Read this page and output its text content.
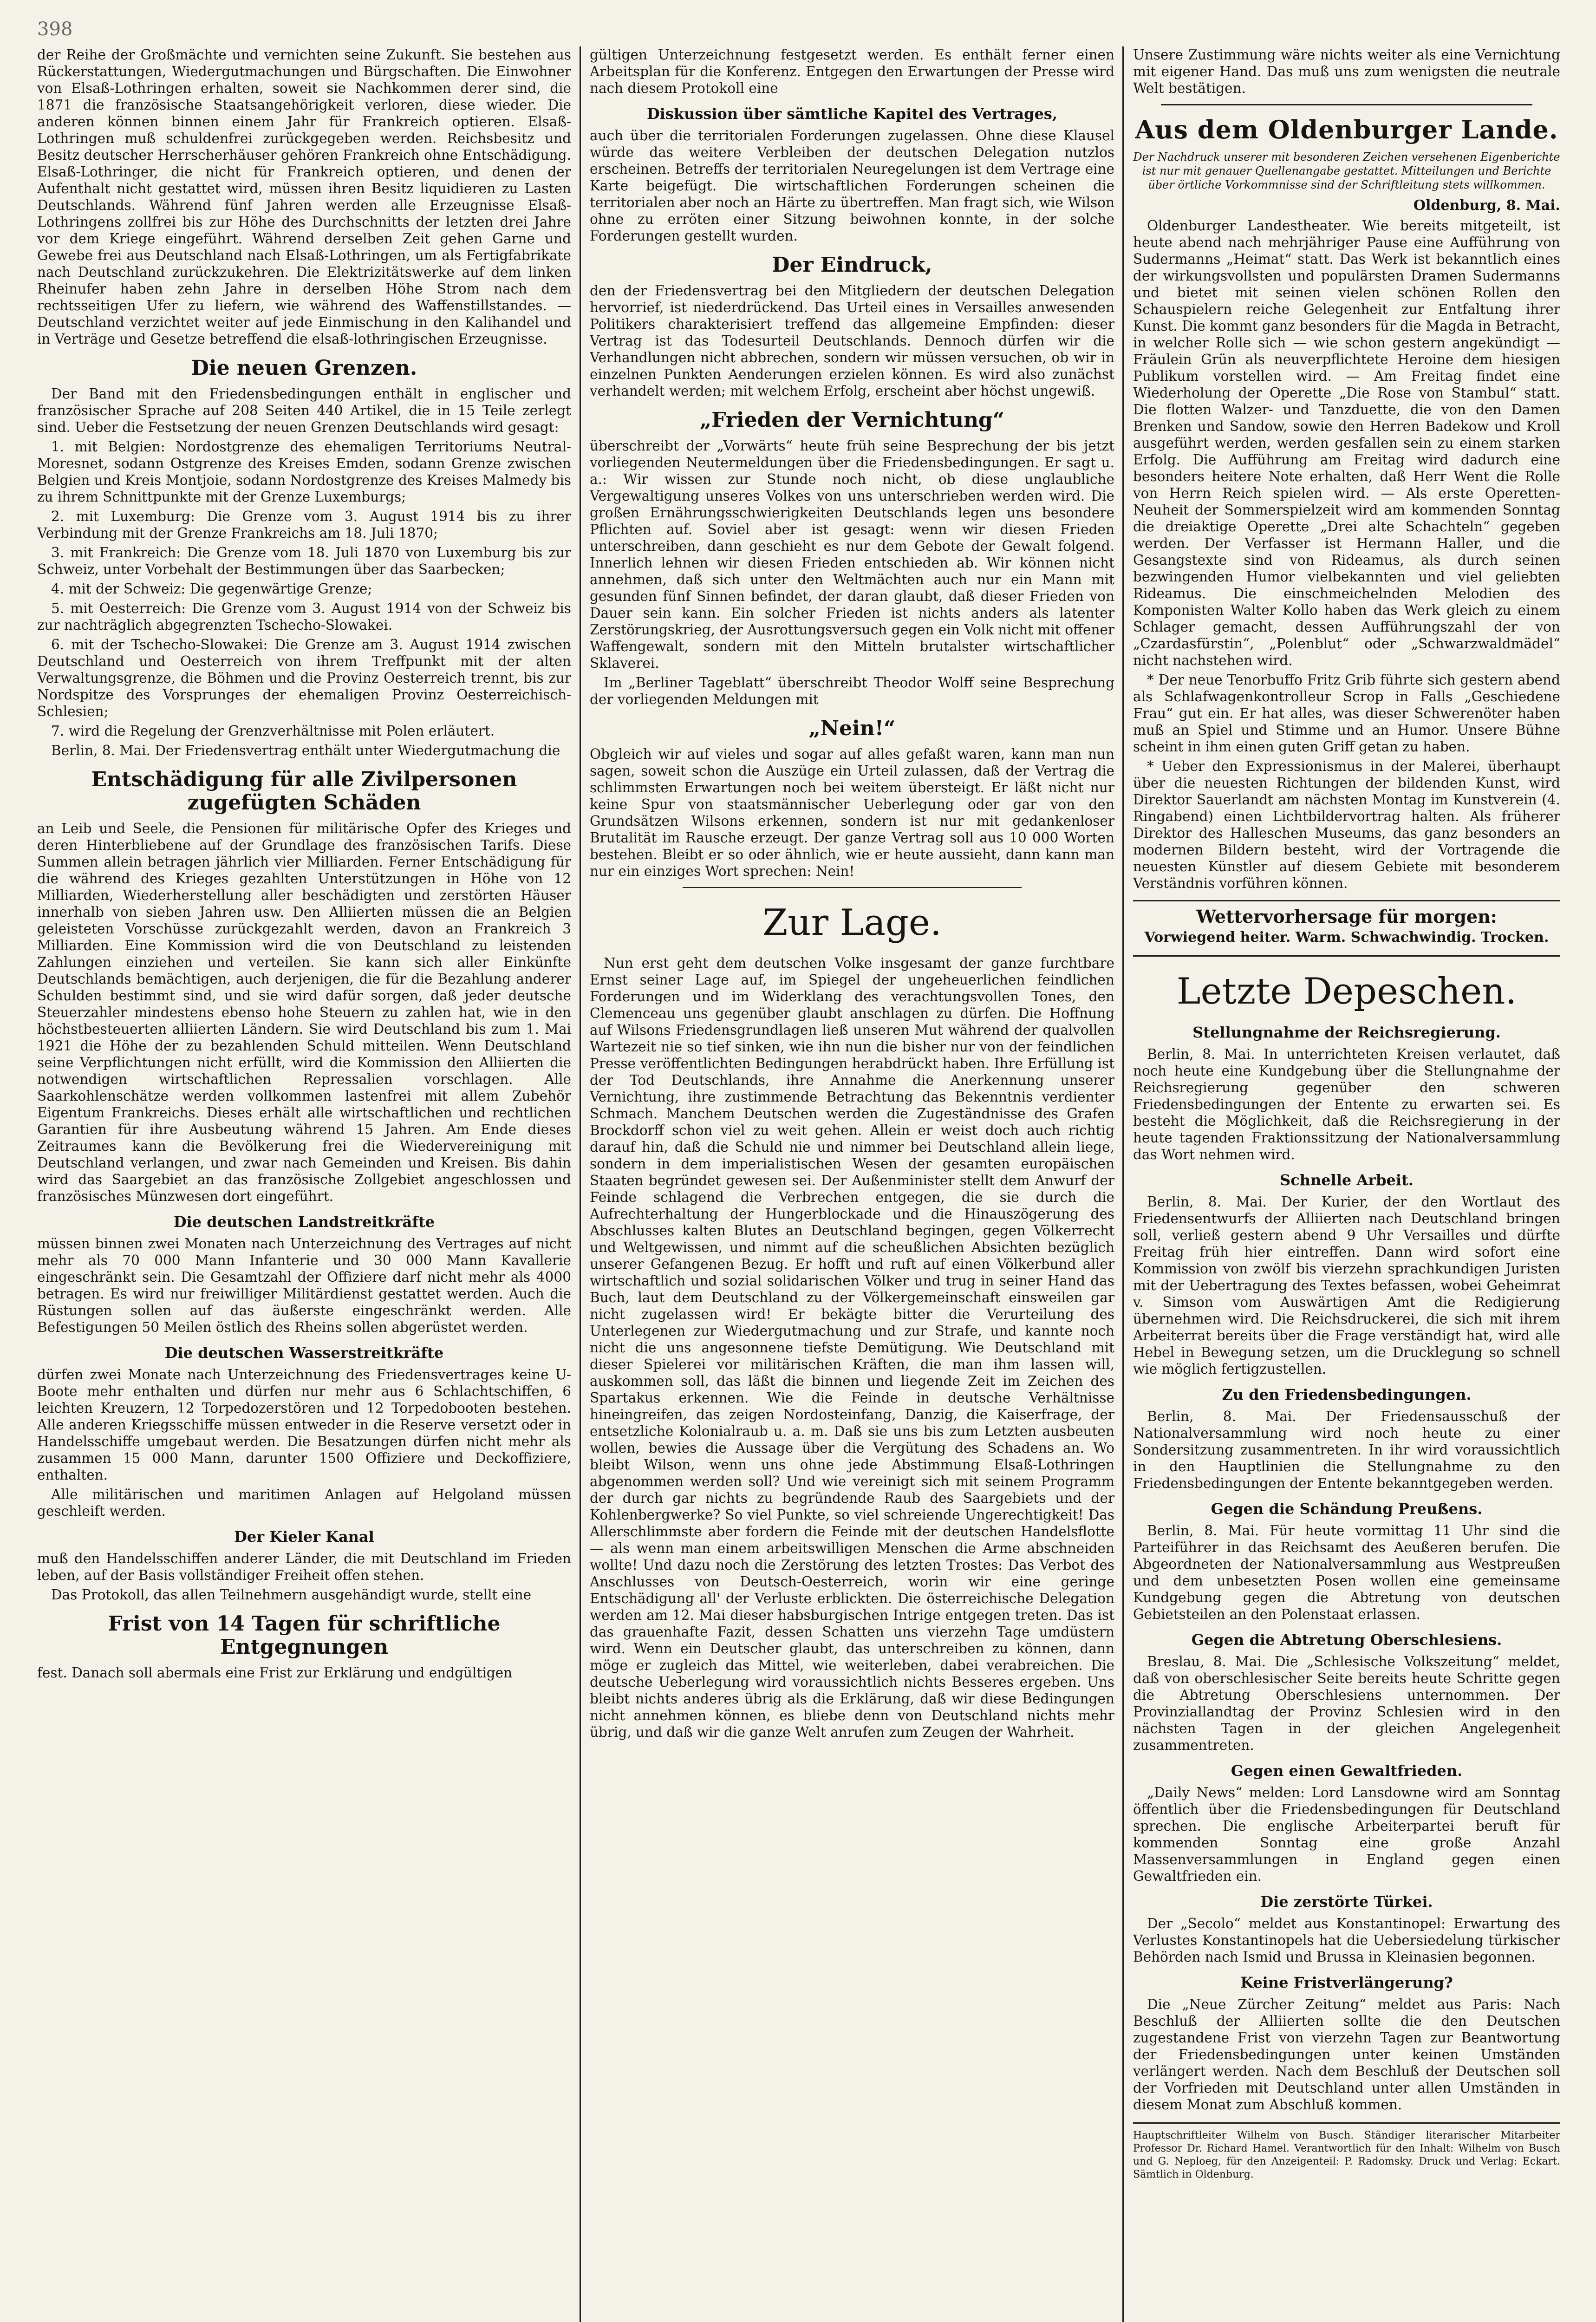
398

der Reihe der Großmächte und vernichten seine Zukunft. Sie bestehen aus Rückerstattungen, Wiedergutmachungen und Bürgschaften. Die Einwohner von Elsaß-Lothringen erhalten, soweit sie Nachkommen derer sind, die 1871 die französische Staatsangehörigkeit verloren, diese wieder. Die anderen können binnen einem Jahr für Frankreich optieren. Elsaß-Lothringen muß schuldenfrei zurückgegeben werden. Reichsbesitz und Besitz deutscher Herrscherhäuser gehören Frankreich ohne Entschädigung. Elsaß-Lothringer, die nicht für Frankreich optieren, und denen der Aufenthalt nicht gestattet wird, müssen ihren Besitz liquidieren zu Lasten Deutschlands. Während fünf Jahren werden alle Erzeugnisse Elsaß-Lothringens zollfrei bis zur Höhe des Durchschnitts der letzten drei Jahre vor dem Kriege eingeführt. Während derselben Zeit gehen Garne und Gewebe frei aus Deutschland nach Elsaß-Lothringen, um als Fertigfabrikate nach Deutschland zurückzukehren. Die Elektrizitätswerke auf dem linken Rheinufer haben zehn Jahre in derselben Höhe Strom nach dem rechtsseitigen Ufer zu liefern, wie während des Waffenstillstandes. — Deutschland verzichtet weiter auf jede Einmischung in den Kalihandel und in Verträge und Gesetze betreffend die elsaß-lothringischen Erzeugnisse.

Die neuen Grenzen.

Der Band mit den Friedensbedingungen enthält in englischer und französischer Sprache auf 208 Seiten 440 Artikel, die in 15 Teile zerlegt sind. Ueber die Festsetzung der neuen Grenzen Deutschlands wird gesagt:

1. mit Belgien: Nordostgrenze des ehemaligen Territoriums Neutral-Moresnet, sodann Ostgrenze des Kreises Emden, sodann Grenze zwischen Belgien und Kreis Montjoie, sodann Nordostgrenze des Kreises Malmedy bis zu ihrem Schnittpunkte mit der Grenze Luxemburgs;

2. mit Luxemburg: Die Grenze vom 3. August 1914 bis zu ihrer Verbindung mit der Grenze Frankreichs am 18. Juli 1870;

3. mit Frankreich: Die Grenze vom 18. Juli 1870 von Luxemburg bis zur Schweiz, unter Vorbehalt der Bestimmungen über das Saarbecken;

4. mit der Schweiz: Die gegenwärtige Grenze;

5. mit Oesterreich: Die Grenze vom 3. August 1914 von der Schweiz bis zur nachträglich abgegrenzten Tschecho-Slowakei.

6. mit der Tschecho-Slowakei: Die Grenze am 3. August 1914 zwischen Deutschland und Oesterreich von ihrem Treffpunkt mit der alten Verwaltungsgrenze, die Böhmen und die Provinz Oesterreich trennt, bis zur Nordspitze des Vorsprunges der ehemaligen Provinz Oesterreichisch-Schlesien;

7. wird die Regelung der Grenzverhältnisse mit Polen erläutert.

Berlin, 8. Mai. Der Friedensvertrag enthält unter Wiedergutmachung die

Entschädigung für alle Zivilpersonen zugefügten Schäden

an Leib und Seele, die Pensionen für militärische Opfer des Krieges und deren Hinterbliebene auf der Grundlage des französischen Tarifs. Diese Summen allein betragen jährlich vier Milliarden. Ferner Entschädigung für die während des Krieges gezahlten Unterstützungen in Höhe von 12 Milliarden, Wiederherstellung aller beschädigten und zerstörten Häuser innerhalb von sieben Jahren usw. Den Alliierten müssen die an Belgien geleisteten Vorschüsse zurückgezahlt werden, davon an Frankreich 3 Milliarden. Eine Kommission wird die von Deutschland zu leistenden Zahlungen einziehen und verteilen. Sie kann sich aller Einkünfte Deutschlands bemächtigen, auch derjenigen, die für die Bezahlung anderer Schulden bestimmt sind, und sie wird dafür sorgen, daß jeder deutsche Steuerzahler mindestens ebenso hohe Steuern zu zahlen hat, wie in den höchstbesteuerten alliierten Ländern. Sie wird Deutschland bis zum 1. Mai 1921 die Höhe der zu bezahlenden Schuld mitteilen. Wenn Deutschland seine Verpflichtungen nicht erfüllt, wird die Kommission den Alliierten die notwendigen wirtschaftlichen Repressalien vorschlagen. Alle Saarkohlenschätze werden vollkommen lastenfrei mit allem Zubehör Eigentum Frankreichs. Dieses erhält alle wirtschaftlichen und rechtlichen Garantien für ihre Ausbeutung während 15 Jahren. Am Ende dieses Zeitraumes kann die Bevölkerung frei die Wiedervereinigung mit Deutschland verlangen, und zwar nach Gemeinden und Kreisen. Bis dahin wird das Saargebiet an das französische Zollgebiet angeschlossen und französisches Münzwesen dort eingeführt.

Die deutschen Landstreitkräfte

müssen binnen zwei Monaten nach Unterzeichnung des Vertrages auf nicht mehr als 70 000 Mann Infanterie und 30 000 Mann Kavallerie eingeschränkt sein. Die Gesamtzahl der Offiziere darf nicht mehr als 4000 betragen. Es wird nur freiwilliger Militärdienst gestattet werden. Auch die Rüstungen sollen auf das äußerste eingeschränkt werden. Alle Befestigungen 50 Meilen östlich des Rheins sollen abgerüstet werden.

Die deutschen Wasserstreitkräfte

dürfen zwei Monate nach Unterzeichnung des Friedensvertrages keine U-Boote mehr enthalten und dürfen nur mehr aus 6 Schlachtschiffen, 6 leichten Kreuzern, 12 Torpedozerstören und 12 Torpedobooten bestehen. Alle anderen Kriegsschiffe müssen entweder in die Reserve versetzt oder in Handelsschiffe umgebaut werden. Die Besatzungen dürfen nicht mehr als zusammen 15 000 Mann, darunter 1500 Offiziere und Deckoffiziere, enthalten.

Alle militärischen und maritimen Anlagen auf Helgoland müssen geschleift werden.

Der Kieler Kanal

muß den Handelsschiffen anderer Länder, die mit Deutschland im Frieden leben, auf der Basis vollständiger Freiheit offen stehen.

Das Protokoll, das allen Teilnehmern ausgehändigt wurde, stellt eine

Frist von 14 Tagen für schriftliche Entgegnungen

fest. Danach soll abermals eine Frist zur Erklärung und endgültigen

gültigen Unterzeichnung festgesetzt werden. Es enthält ferner einen Arbeitsplan für die Konferenz. Entgegen den Erwartungen der Presse wird nach diesem Protokoll eine

Diskussion über sämtliche Kapitel des Vertrages,

auch über die territorialen Forderungen zugelassen. Ohne diese Klausel würde das weitere Verbleiben der deutschen Delegation nutzlos erscheinen. Betreffs der territorialen Neuregelungen ist dem Vertrage eine Karte beigefügt. Die wirtschaftlichen Forderungen scheinen die territorialen aber noch an Härte zu übertreffen. Man fragt sich, wie Wilson ohne zu erröten einer Sitzung beiwohnen konnte, in der solche Forderungen gestellt wurden.

Der Eindruck,

den der Friedensvertrag bei den Mitgliedern der deutschen Delegation hervorrief, ist niederdrückend. Das Urteil eines in Versailles anwesenden Politikers charakterisiert treffend das allgemeine Empfinden: dieser Vertrag ist das Todesurteil Deutschlands. Dennoch dürfen wir die Verhandlungen nicht abbrechen, sondern wir müssen versuchen, ob wir in einzelnen Punkten Aenderungen erzielen können. Es wird also zunächst verhandelt werden; mit welchem Erfolg, erscheint aber höchst ungewiß.

„Frieden der Vernichtung“

überschreibt der „Vorwärts“ heute früh seine Besprechung der bis jetzt vorliegenden Neutermeldungen über die Friedensbedingungen. Er sagt u. a.: Wir wissen zur Stunde noch nicht, ob diese unglaubliche Vergewaltigung unseres Volkes von uns unterschrieben werden wird. Die großen Ernährungsschwierigkeiten Deutschlands legen uns besondere Pflichten auf. Soviel aber ist gesagt: wenn wir diesen Frieden unterschreiben, dann geschieht es nur dem Gebote der Gewalt folgend. Innerlich lehnen wir diesen Frieden entschieden ab. Wir können nicht annehmen, daß sich unter den Weltmächten auch nur ein Mann mit gesunden fünf Sinnen befindet, der daran glaubt, daß dieser Frieden von Dauer sein kann. Ein solcher Frieden ist nichts anders als latenter Zerstörungskrieg, der Ausrottungsversuch gegen ein Volk nicht mit offener Waffengewalt, sondern mit den Mitteln brutalster wirtschaftlicher Sklaverei.

Im „Berliner Tageblatt“ überschreibt Theodor Wolff seine Besprechung der vorliegenden Meldungen mit

„Nein!“

Obgleich wir auf vieles und sogar auf alles gefaßt waren, kann man nun sagen, soweit schon die Auszüge ein Urteil zulassen, daß der Vertrag die schlimmsten Erwartungen noch bei weitem übersteigt. Er läßt nicht nur keine Spur von staatsmännischer Ueberlegung oder gar von den Grundsätzen Wilsons erkennen, sondern ist nur mit gedankenloser Brutalität im Rausche erzeugt. Der ganze Vertrag soll aus 10 000 Worten bestehen. Bleibt er so oder ähnlich, wie er heute aussieht, dann kann man nur ein einziges Wort sprechen: Nein!

Zur Lage.

Nun erst geht dem deutschen Volke insgesamt der ganze furchtbare Ernst seiner Lage auf, im Spiegel der ungeheuerlichen feindlichen Forderungen und im Widerklang des verachtungsvollen Tones, den Clemenceau uns gegenüber glaubt anschlagen zu dürfen. Die Hoffnung auf Wilsons Friedensgrundlagen ließ unseren Mut während der qualvollen Wartezeit nie so tief sinken, wie ihn nun die bisher nur von der feindlichen Presse veröffentlichten Bedingungen herabdrückt haben. Ihre Erfüllung ist der Tod Deutschlands, ihre Annahme die Anerkennung unserer Vernichtung, ihre zustimmende Betrachtung das Bekenntnis verdienter Schmach. Manchem Deutschen werden die Zugeständnisse des Grafen Brockdorff schon viel zu weit gehen. Allein er weist doch auch richtig darauf hin, daß die Schuld nie und nimmer bei Deutschland allein liege, sondern in dem imperialistischen Wesen der gesamten europäischen Staaten begründet gewesen sei. Der Außenminister stellt dem Anwurf der Feinde schlagend die Verbrechen entgegen, die sie durch die Aufrechterhaltung der Hungerblockade und die Hinauszögerung des Abschlusses kalten Blutes an Deutschland begingen, gegen Völkerrecht und Weltgewissen, und nimmt auf die scheußlichen Absichten bezüglich unserer Gefangenen Bezug. Er hofft und ruft auf einen Völkerbund aller wirtschaftlich und sozial solidarischen Völker und trug in seiner Hand das Buch, laut dem Deutschland zu der Völkergemeinschaft einsweilen gar nicht zugelassen wird! Er bekägte bitter die Verurteilung des Unterlegenen zur Wiedergutmachung und zur Strafe, und kannte noch nicht die uns angesonnene tiefste Demütigung. Wie Deutschland mit dieser Spielerei vor militärischen Kräften, die man ihm lassen will, auskommen soll, das läßt die binnen und liegende Zeit im Zeichen des Spartakus erkennen. Wie die Feinde in deutsche Verhältnisse hineingreifen, das zeigen Nordosteinfang, Danzig, die Kaiserfrage, der entsetzliche Kolonialraub u. a. m. Daß sie uns bis zum Letzten ausbeuten wollen, bewies die Aussage über die Vergütung des Schadens an. Wo bleibt Wilson, wenn uns ohne jede Abstimmung Elsaß-Lothringen abgenommen werden soll? Und wie vereinigt sich mit seinem Programm der durch gar nichts zu begründende Raub des Saargebiets und der Kohlenbergwerke? So viel Punkte, so viel schreiende Ungerechtigkeit! Das Allerschlimmste aber fordern die Feinde mit der deutschen Handelsflotte — als wenn man einem arbeitswilligen Menschen die Arme abschneiden wollte! Und dazu noch die Zerstörung des letzten Trostes: Das Verbot des Anschlusses von Deutsch-Oesterreich, worin wir eine geringe Entschädigung all' der Verluste erblickten. Die österreichische Delegation werden am 12. Mai dieser habsburgischen Intrige entgegen treten. Das ist das grauenhafte Fazit, dessen Schatten uns vierzehn Tage umdüstern wird. Wenn ein Deutscher glaubt, das unterschreiben zu können, dann möge er zugleich das Mittel, wie weiterleben, dabei verabreichen. Die deutsche Ueberlegung wird voraussichtlich nichts Besseres ergeben. Uns bleibt nichts anderes übrig als die Erklärung, daß wir diese Bedingungen nicht annehmen können, es bliebe denn von Deutschland nichts mehr übrig, und daß wir die ganze Welt anrufen zum Zeugen der Wahrheit.

Unsere Zustimmung wäre nichts weiter als eine Vernichtung mit eigener Hand. Das muß uns zum wenigsten die neutrale Welt bestätigen.

Aus dem Oldenburger Lande.
Der Nachdruck unserer mit besonderen Zeichen versehenen Eigenberichte ist nur mit genauer Quellenangabe gestattet. Mitteilungen und Berichte über örtliche Vorkommnisse sind der Schriftleitung stets willkommen.
Oldenburg, 8. Mai.

Oldenburger Landestheater. Wie bereits mitgeteilt, ist heute abend nach mehrjähriger Pause eine Aufführung von Sudermanns „Heimat“ statt. Das Werk ist bekanntlich eines der wirkungsvollsten und populärsten Dramen Sudermanns und bietet mit seinen vielen schönen Rollen den Schauspielern reiche Gelegenheit zur Entfaltung ihrer Kunst. Die kommt ganz besonders für die Magda in Betracht, in welcher Rolle sich — wie schon gestern angekündigt — Fräulein Grün als neuverpflichtete Heroine dem hiesigen Publikum vorstellen wird. — Am Freitag findet eine Wiederholung der Operette „Die Rose von Stambul“ statt. Die flotten Walzer- und Tanzduette, die von den Damen Brenken und Sandow, sowie den Herren Badekow und Kroll ausgeführt werden, werden gesfallen sein zu einem starken Erfolg. Die Aufführung am Freitag wird dadurch eine besonders heitere Note erhalten, daß Herr Went die Rolle von Herrn Reich spielen wird. — Als erste Operetten-Neuheit der Sommerspielzeit wird am kommenden Sonntag die dreiaktige Operette „Drei alte Schachteln“ gegeben werden. Der Verfasser ist Hermann Haller, und die Gesangstexte sind von Rideamus, als durch seinen bezwingenden Humor vielbekannten und viel geliebten Rideamus. Die einschmeichelnden Melodien des Komponisten Walter Kollo haben das Werk gleich zu einem Schlager gemacht, dessen Aufführungszahl der von „Czardasfürstin“, „Polenblut“ oder „Schwarzwaldmädel“ nicht nachstehen wird.

* Der neue Tenorbuffo Fritz Grib führte sich gestern abend als Schlafwagenkontrolleur Scrop in Falls „Geschiedene Frau“ gut ein. Er hat alles, was dieser Schwerenöter haben muß an Spiel und Stimme und an Humor. Unsere Bühne scheint in ihm einen guten Griff getan zu haben.

* Ueber den Expressionismus in der Malerei, überhaupt über die neuesten Richtungen der bildenden Kunst, wird Direktor Sauerlandt am nächsten Montag im Kunstverein (4. Ringabend) einen Lichtbildervortrag halten. Als früherer Direktor des Halleschen Museums, das ganz besonders an modernen Bildern besteht, wird der Vortragende die neuesten Künstler auf diesem Gebiete mit besonderem Verständnis vorführen können.

Wettervorhersage für morgen:

Vorwiegend heiter. Warm. Schwachwindig. Trocken.

Letzte Depeschen.
Stellungnahme der Reichsregierung.

Berlin, 8. Mai. In unterrichteten Kreisen verlautet, daß noch heute eine Kundgebung über die Stellungnahme der Reichsregierung gegenüber den schweren Friedensbedingungen der Entente zu erwarten sei. Es besteht die Möglichkeit, daß die Reichsregierung in der heute tagenden Fraktionssitzung der Nationalversammlung das Wort nehmen wird.

Schnelle Arbeit.

Berlin, 8. Mai. Der Kurier, der den Wortlaut des Friedensentwurfs der Alliierten nach Deutschland bringen soll, verließ gestern abend 9 Uhr Versailles und dürfte Freitag früh hier eintreffen. Dann wird sofort eine Kommission von zwölf bis vierzehn sprachkundigen Juristen mit der Uebertragung des Textes befassen, wobei Geheimrat v. Simson vom Auswärtigen Amt die Redigierung übernehmen wird. Die Reichsdruckerei, die sich mit ihrem Arbeiterrat bereits über die Frage verständigt hat, wird alle Hebel in Bewegung setzen, um die Drucklegung so schnell wie möglich fertigzustellen.

Zu den Friedensbedingungen.

Berlin, 8. Mai. Der Friedensausschuß der Nationalversammlung wird noch heute zu einer Sondersitzung zusammentreten. In ihr wird voraussichtlich in den Hauptlinien die Stellungnahme zu den Friedensbedingungen der Entente bekanntgegeben werden.

Gegen die Schändung Preußens.

Berlin, 8. Mai. Für heute vormittag 11 Uhr sind die Parteiführer in das Reichsamt des Aeußeren berufen. Die Abgeordneten der Nationalversammlung aus Westpreußen und dem unbesetzten Posen wollen eine gemeinsame Kundgebung gegen die Abtretung von deutschen Gebietsteilen an den Polenstaat erlassen.

Gegen die Abtretung Oberschlesiens.

Breslau, 8. Mai. Die „Schlesische Volkszeitung“ meldet, daß von oberschlesischer Seite bereits heute Schritte gegen die Abtretung Oberschlesiens unternommen. Der Provinziallandtag der Provinz Schlesien wird in den nächsten Tagen in der gleichen Angelegenheit zusammentreten.

Gegen einen Gewaltfrieden.

„Daily News“ melden: Lord Lansdowne wird am Sonntag öffentlich über die Friedensbedingungen für Deutschland sprechen. Die englische Arbeiterpartei beruft für kommenden Sonntag eine große Anzahl Massenversammlungen in England gegen einen Gewaltfrieden ein.

Die zerstörte Türkei.

Der „Secolo“ meldet aus Konstantinopel: Erwartung des Verlustes Konstantinopels hat die Uebersiedelung türkischer Behörden nach Ismid und Brussa in Kleinasien begonnen.

Keine Fristverlängerung?

Die „Neue Zürcher Zeitung“ meldet aus Paris: Nach Beschluß der Alliierten sollte die den Deutschen zugestandene Frist von vierzehn Tagen zur Beantwortung der Friedensbedingungen unter keinen Umständen verlängert werden. Nach dem Beschluß der Deutschen soll der Vorfrieden mit Deutschland unter allen Umständen in diesem Monat zum Abschluß kommen.

Hauptschriftleiter Wilhelm von Busch. Ständiger literarischer Mitarbeiter Professor Dr. Richard Hamel. Verantwortlich für den Inhalt: Wilhelm von Busch und G. Neploeg, für den Anzeigenteil: P. Radomsky. Druck und Verlag: Eckart. Sämtlich in Oldenburg.
